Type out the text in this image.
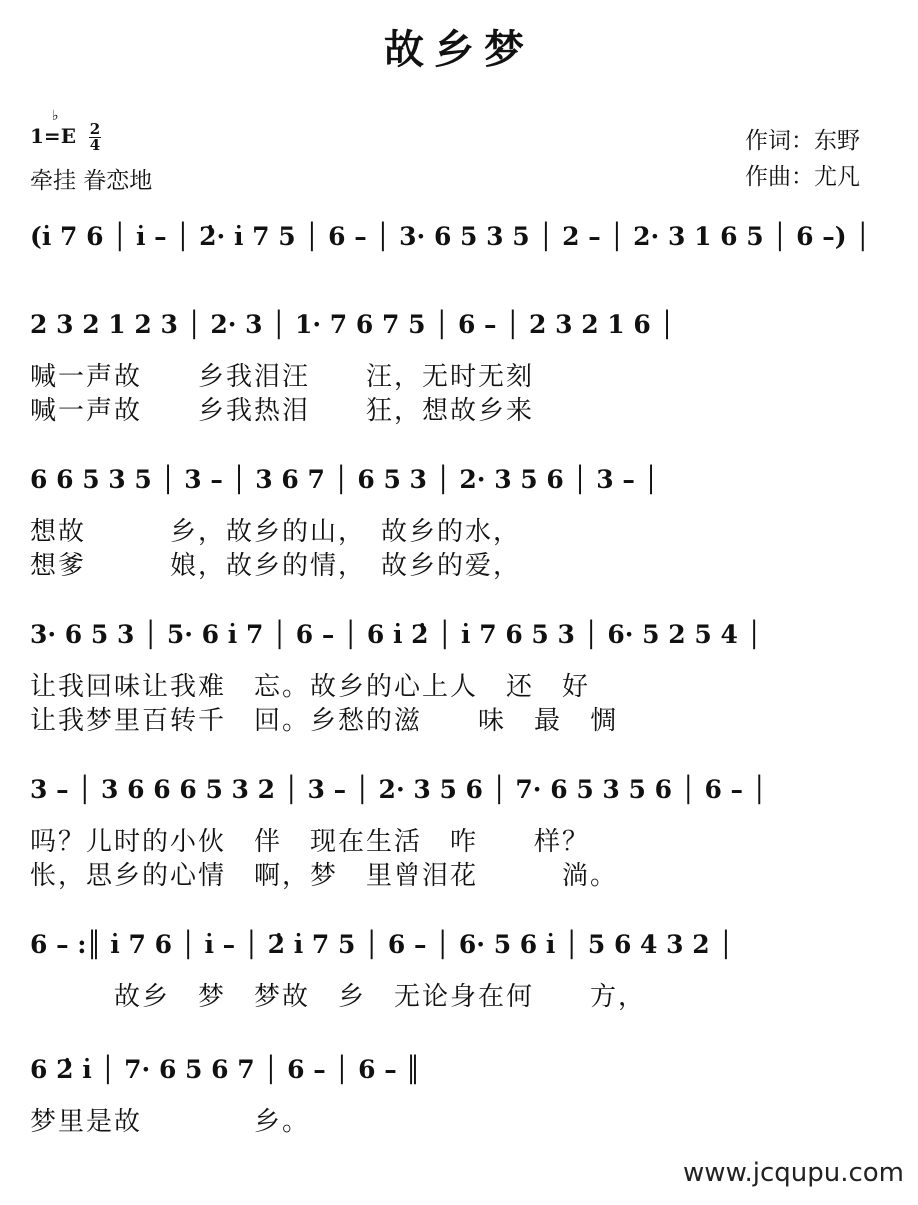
故乡梦
1=
♭
E $\frac{2}{4}$
牵挂 眷恋地
作词：东野
作曲：尤凡
(i̇ 7 6 │ i̇ – │ 2̇· i̇ 7 5 │ 6 – │ 3· 6 5 3 5 │ 2 – │ 2· 3 1 6 5 │ 6 –) │
2 3 2 1 2 3 │ 2· 3 │ 1· 7 6 7 5 │ 6 – │ 2 3 2 1 6 │
喊一声故　　乡我泪汪　　汪，无时无刻
喊一声故　　乡我热泪　　狂，想故乡来
6 6 5 3 5 │ 3 – │ 3 6 7 │ 6 5 3 │ 2· 3 5 6 │ 3 – │
想故　　　乡，故乡的山，　故乡的水，
想爹　　　娘，故乡的情，　故乡的爱，
3· 6 5 3 │ 5· 6 i̇ 7 │ 6 – │ 6 i̇ 2̇ │ i̇ 7 6 5 3 │ 6· 5 2 5 4 │
让我回味让我难　忘。故乡的心上人　还　好
让我梦里百转千　回。乡愁的滋　　味　最　惆
3 – │ 3 6 6 6 5 3 2 │ 3 – │ 2· 3 5 6 │ 7· 6 5 3 5 6 │ 6 – │
吗？儿时的小伙　伴　现在生活　咋　　样？
怅，思乡的心情　啊，梦　里曾泪花　　　淌。
6 – :║ i̇ 7 6 │ i̇ – │ 2̇ i̇ 7 5 │ 6 – │ 6· 5 6 i̇ │ 5 6 4 3 2 │
　　　故乡　梦　梦故　乡　无论身在何　　方，
6 2̇ i̇ │ 7· 6 5 6 7 │ 6 – │ 6 – ║
梦里是故　　　　乡。
www.jcqupu.com
